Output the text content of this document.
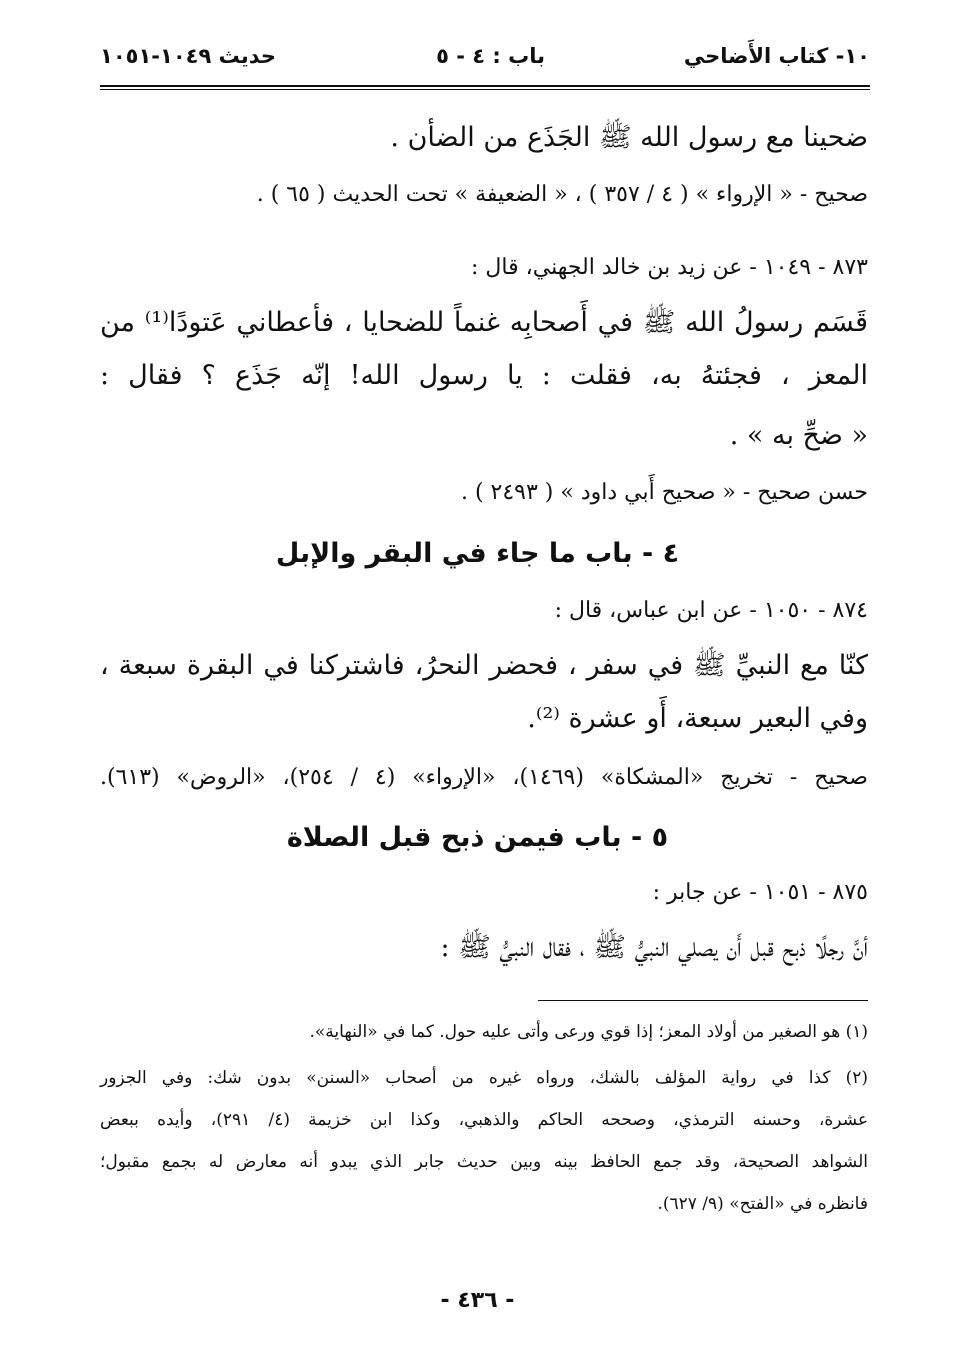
١٠- كتاب الأَضاحي
باب : ٤ - ٥
حديث ١٠٤٩-١٠٥١
ضحينا مع رسول الله ﷺ الجَذَع من الضأن .
صحيح - « الإرواء » ( ٤ / ٣٥٧ ) ، « الضعيفة » تحت الحديث ( ٦٥ ) .
٨٧٣ - ١٠٤٩ - عن زيد بن خالد الجهني، قال :
قَسَم رسولُ الله ﷺ في أَصحابِه غنماً للضحايا ، فأعطاني عَتودًا⁽¹⁾ من
المعز ، فجئتهُ به، فقلت : يا رسول الله! إنّه جَذَع ؟ فقال :
« ضحِّ به » .
حسن صحيح - « صحيح أَبي داود » ( ٢٤٩٣ ) .
٤ - باب ما جاء في البقر والإبل
٨٧٤ - ١٠٥٠ - عن ابن عباس، قال :
كنّا مع النبيِّ ﷺ في سفر ، فحضر النحرُ، فاشتركنا في البقرة سبعة ،
وفي البعير سبعة، أَو عشرة ⁽²⁾.
صحيح - تخريج «المشكاة» (١٤٦٩)، «الإرواء» (٤ / ٢٥٤)، «الروض» (٦١٣).
٥ - باب فيمن ذبح قبل الصلاة
٨٧٥ - ١٠٥١ - عن جابر :
أنَّ رجلًا ذبح قبل أَن يصلي النبيُّ ﷺ ، فقال النبيُّ ﷺ :
(١) هو الصغير من أولاد المعز؛ إذا قوي ورعى وأتى عليه حول. كما في «النهاية».
(٢) كذا في رواية المؤلف بالشك، ورواه غيره من أصحاب «السنن» بدون شك: وفي الجزور
عشرة، وحسنه الترمذي، وصححه الحاكم والذهبي، وكذا ابن خزيمة (٤/ ٢٩١)، وأيده ببعض
الشواهد الصحيحة، وقد جمع الحافظ بينه وبين حديث جابر الذي يبدو أنه معارض له بجمع مقبول؛
فانظره في «الفتح» (٩/ ٦٢٧).
- ٤٣٦ -
